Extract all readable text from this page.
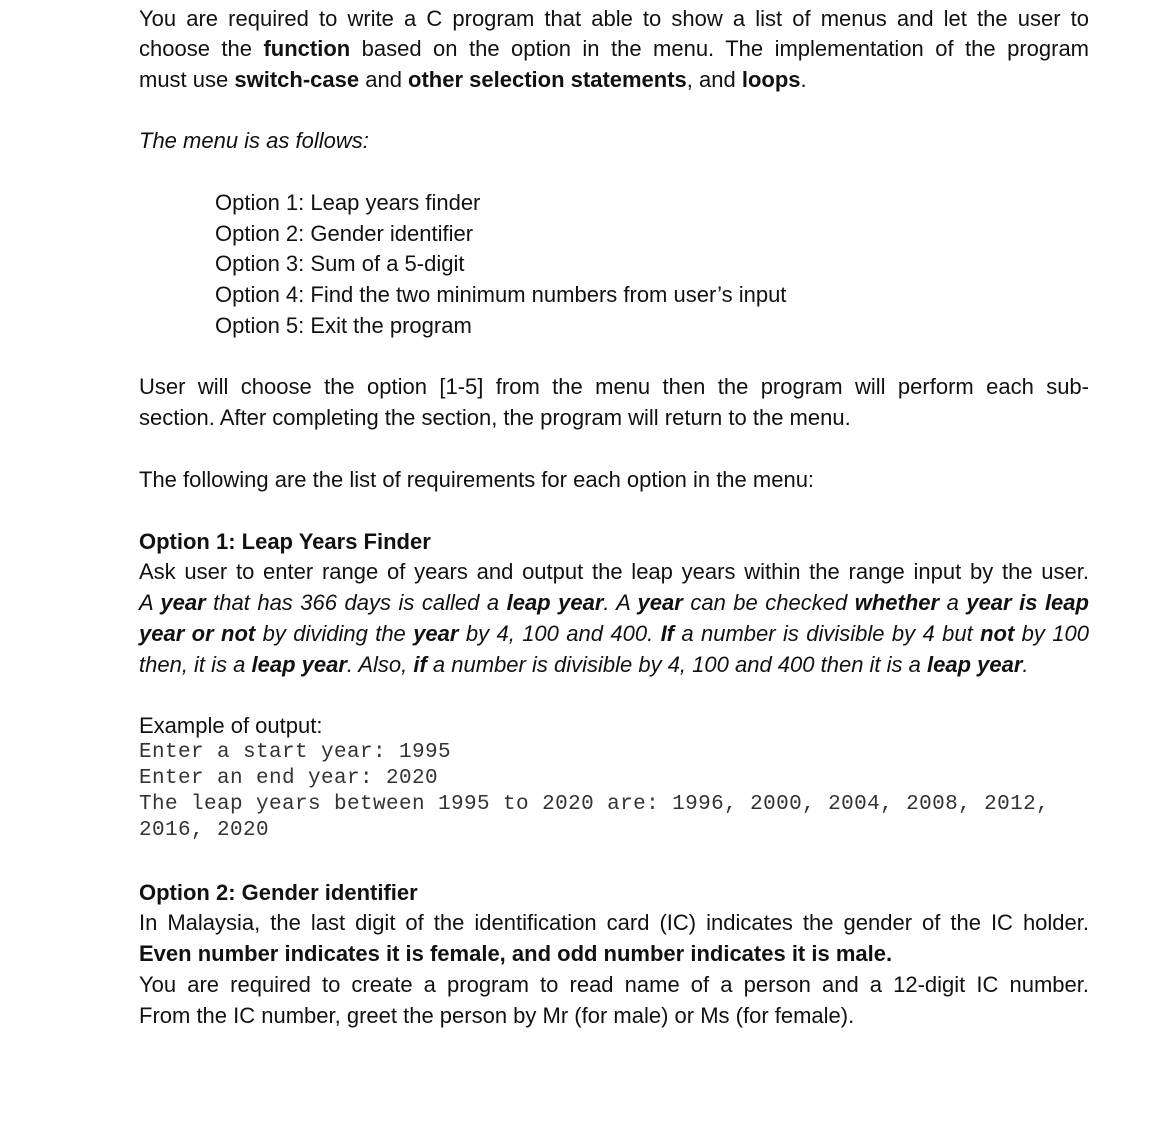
You are required to write a C program that able to show a list of menus and let the user to
choose the function based on the option in the menu. The implementation of the program
must use switch-case and other selection statements, and loops.
The menu is as follows:
Option 1: Leap years finder
Option 2: Gender identifier
Option 3: Sum of a 5-digit
Option 4: Find the two minimum numbers from user’s input
Option 5: Exit the program
User will choose the option [1-5] from the menu then the program will perform each sub-
section. After completing the section, the program will return to the menu.
The following are the list of requirements for each option in the menu:
Option 1: Leap Years Finder
Ask user to enter range of years and output the leap years within the range input by the user.
A year that has 366 days is called a leap year. A year can be checked whether a year is leap
year or not by dividing the year by 4, 100 and 400. If a number is divisible by 4 but not by 100
then, it is a leap year. Also, if a number is divisible by 4, 100 and 400 then it is a leap year.
Example of output:
Enter a start year: 1995
Enter an end year: 2020
The leap years between 1995 to 2020 are: 1996, 2000, 2004, 2008, 2012,
2016, 2020
Option 2: Gender identifier
In Malaysia, the last digit of the identification card (IC) indicates the gender of the IC holder.
Even number indicates it is female, and odd number indicates it is male.
You are required to create a program to read name of a person and a 12-digit IC number.
From the IC number, greet the person by Mr (for male) or Ms (for female).
